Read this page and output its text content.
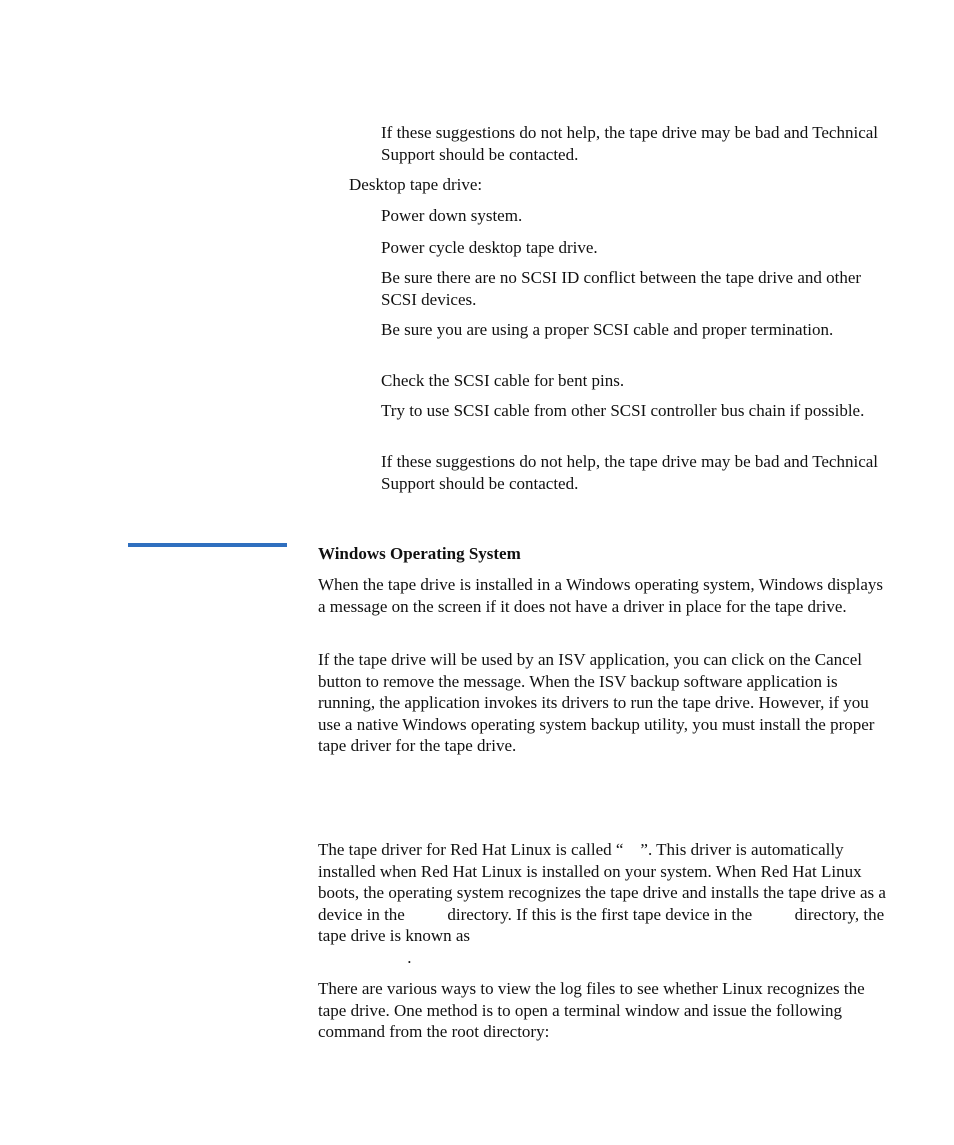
If these suggestions do not help, the tape drive may be bad and Technical Support should be contacted.

Desktop tape drive:

Power down system.

Power cycle desktop tape drive.

Be sure there are no SCSI ID conflict between the tape drive and other SCSI devices.

Be sure you are using a proper SCSI cable and proper termination.

Check the SCSI cable for bent pins.

Try to use SCSI cable from other SCSI controller bus chain if possible.

If these suggestions do not help, the tape drive may be bad and Technical Support should be contacted.

Windows Operating System

When the tape drive is installed in a Windows operating system, Windows displays a message on the screen if it does not have a driver in place for the tape drive.

If the tape drive will be used by an ISV application, you can click on the Cancel button to remove the message. When the ISV backup software application is running, the application invokes its drivers to run the tape drive. However, if you use a native Windows operating system backup utility, you must install the proper tape driver for the tape drive.

The tape driver for Red Hat Linux is called “    ”. This driver is automatically installed when Red Hat Linux is installed on your system. When Red Hat Linux boots, the operating system recognizes the tape drive and installs the tape drive as a device in the          directory. If this is the first tape device in the          directory, the tape drive is known as
.

There are various ways to view the log files to see whether Linux recognizes the tape drive. One method is to open a terminal window and issue the following command from the root directory:
